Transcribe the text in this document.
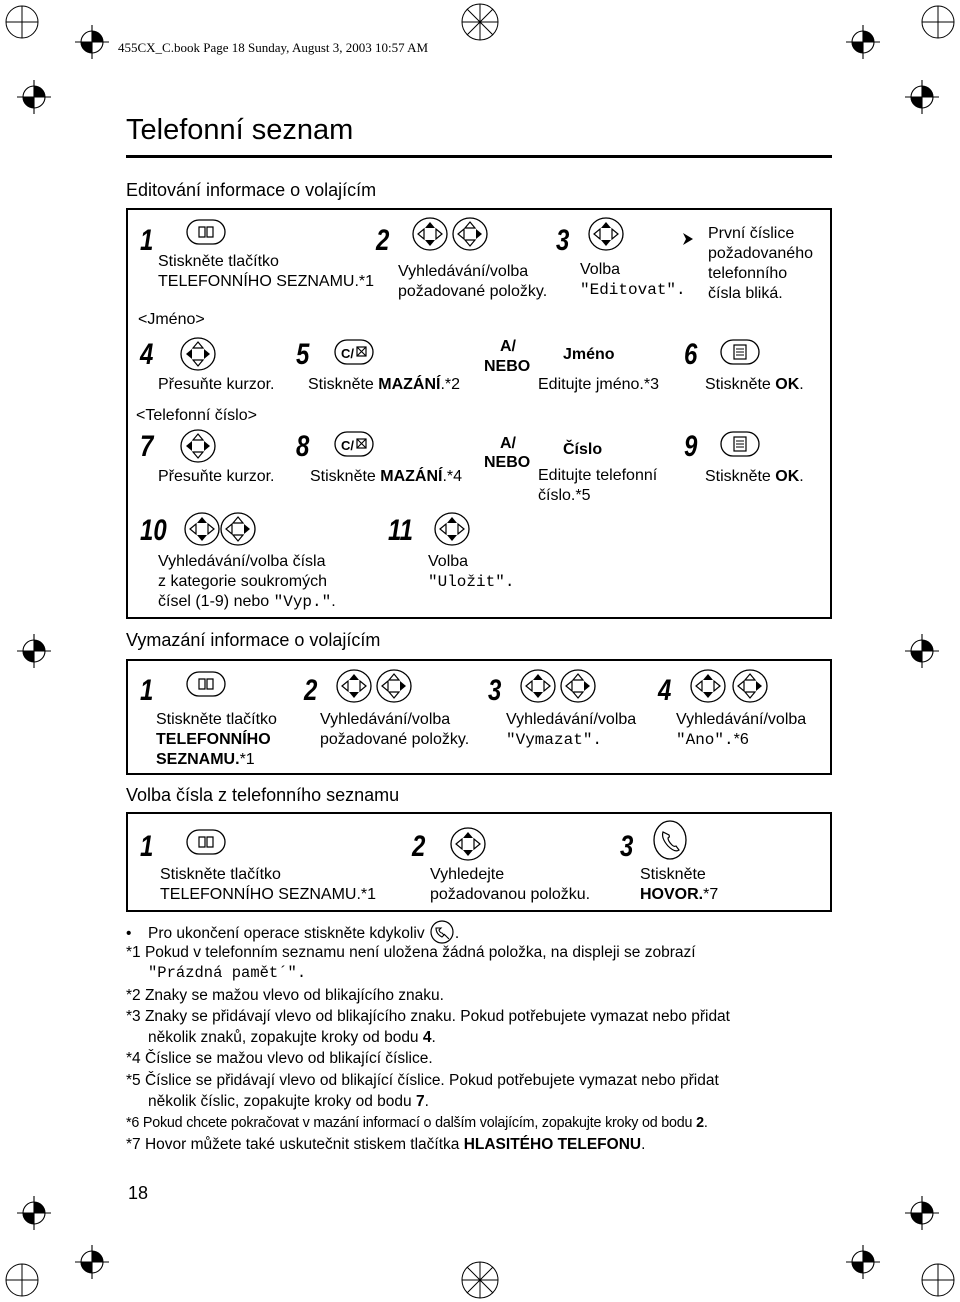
C/
455CX_C.book Page 18 Sunday, August 3, 2003 10:57 AM
Telefonní seznam
Editování informace o volajícím
1
Stiskněte tlačítko
TELEFONNÍHO SEZNAMU.*1
2
Vyhledávání/volba
požadované položky.
3
Volba
"Editovat".
První číslice
požadovaného
telefonního
čísla bliká.
<Jméno>
4
Přesuňte kurzor.
5
Stiskněte MAZÁNÍ.*2
A/
NEBO
Jméno
Editujte jméno.*3
6
Stiskněte OK.
<Telefonní číslo>
7
Přesuňte kurzor.
8
Stiskněte MAZÁNÍ.*4
A/
NEBO
Číslo
Editujte telefonní
číslo.*5
9
Stiskněte OK.
10
Vyhledávání/volba čísla
z kategorie soukromých
čísel (1-9) nebo "Vyp.".
11
Volba
"Uložit".
Vymazání informace o volajícím
1
Stiskněte tlačítko
TELEFONNÍHO
SEZNAMU.*1
2
Vyhledávání/volba
požadované položky.
3
Vyhledávání/volba
"Vymazat".
4
Vyhledávání/volba
"Ano".*6
Volba čísla z telefonního seznamu
1
Stiskněte tlačítko
TELEFONNÍHO SEZNAMU.*1
2
Vyhledejte
požadovanou položku.
3
Stiskněte
HOVOR.*7
• Pro ukončení operace stiskněte kdykoliv .
*1 Pokud v telefonním seznamu není uložena žádná položka, na displeji se zobrazí
"Prázdná pamět´".
*2 Znaky se mažou vlevo od blikajícího znaku.
*3 Znaky se přidávají vlevo od blikajícího znaku. Pokud potřebujete vymazat nebo přidat
několik znaků, zopakujte kroky od bodu 4.
*4 Číslice se mažou vlevo od blikající číslice.
*5 Číslice se přidávají vlevo od blikající číslice. Pokud potřebujete vymazat nebo přidat
několik číslic, zopakujte kroky od bodu 7.
*6 Pokud chcete pokračovat v mazání informací o dalším volajícím, zopakujte kroky od bodu 2.
*7 Hovor můžete také uskutečnit stiskem tlačítka HLASITÉHO TELEFONU.
18
